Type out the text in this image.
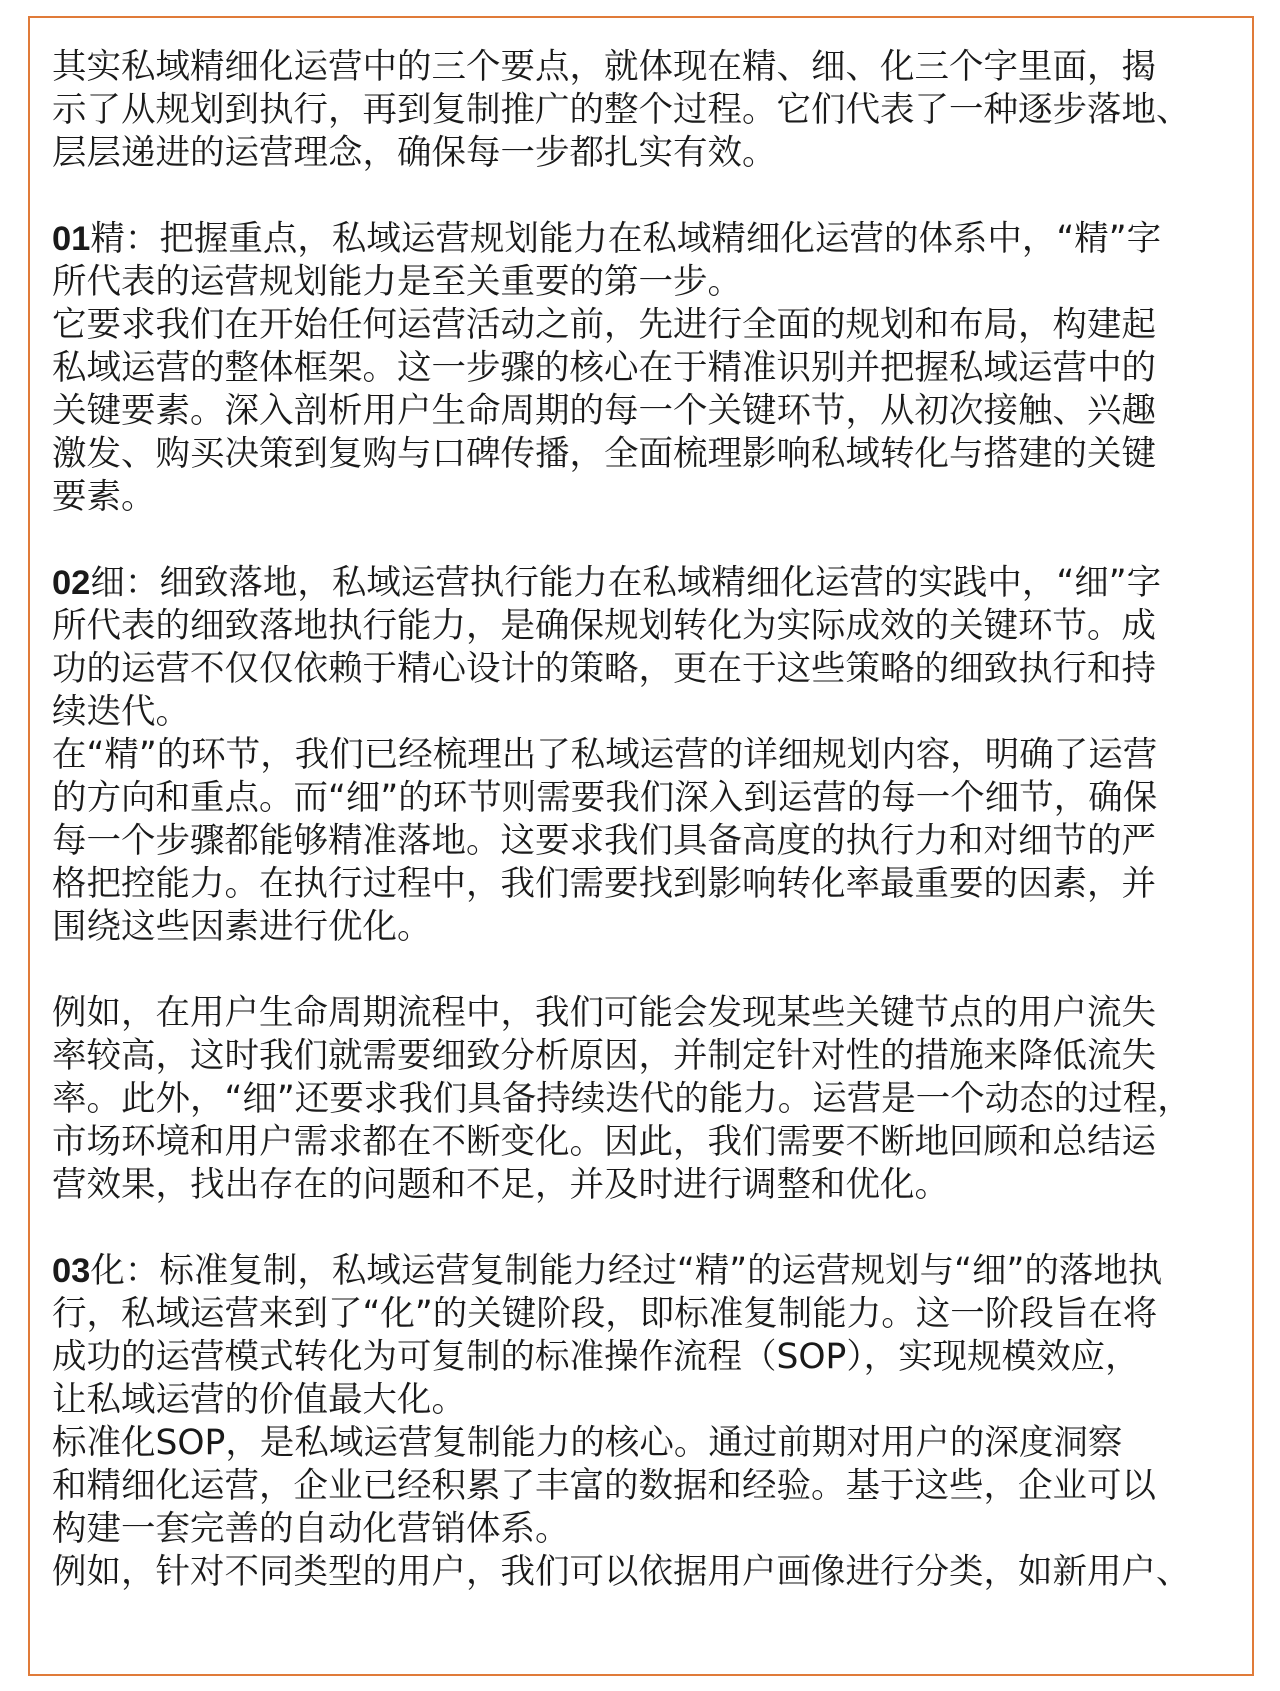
其实私域精细化运营中的三个要点，就体现在精、细、化三个字里面，揭
示了从规划到执行，再到复制推广的整个过程。它们代表了一种逐步落地、
层层递进的运营理念，确保每一步都扎实有效。
01精：把握重点，私域运营规划能力在私域精细化运营的体系中，“精”字
所代表的运营规划能力是至关重要的第一步。
它要求我们在开始任何运营活动之前，先进行全面的规划和布局，构建起
私域运营的整体框架。这一步骤的核心在于精准识别并把握私域运营中的
关键要素。深入剖析用户生命周期的每一个关键环节，从初次接触、兴趣
激发、购买决策到复购与口碑传播，全面梳理影响私域转化与搭建的关键
要素。
02细：细致落地，私域运营执行能力在私域精细化运营的实践中，“细”字
所代表的细致落地执行能力，是确保规划转化为实际成效的关键环节。成
功的运营不仅仅依赖于精心设计的策略，更在于这些策略的细致执行和持
续迭代。
在“精”的环节，我们已经梳理出了私域运营的详细规划内容，明确了运营
的方向和重点。而“细”的环节则需要我们深入到运营的每一个细节，确保
每一个步骤都能够精准落地。这要求我们具备高度的执行力和对细节的严
格把控能力。在执行过程中，我们需要找到影响转化率最重要的因素，并
围绕这些因素进行优化。
例如，在用户生命周期流程中，我们可能会发现某些关键节点的用户流失
率较高，这时我们就需要细致分析原因，并制定针对性的措施来降低流失
率。此外，“细”还要求我们具备持续迭代的能力。运营是一个动态的过程，
市场环境和用户需求都在不断变化。因此，我们需要不断地回顾和总结运
营效果，找出存在的问题和不足，并及时进行调整和优化。
03化：标准复制，私域运营复制能力经过“精”的运营规划与“细”的落地执
行，私域运营来到了“化”的关键阶段，即标准复制能力。这一阶段旨在将
成功的运营模式转化为可复制的标准操作流程（SOP），实现规模效应，
让私域运营的价值最大化。
标准化SOP，是私域运营复制能力的核心。通过前期对用户的深度洞察
和精细化运营，企业已经积累了丰富的数据和经验。基于这些，企业可以
构建一套完善的自动化营销体系。
例如，针对不同类型的用户，我们可以依据用户画像进行分类，如新用户、
